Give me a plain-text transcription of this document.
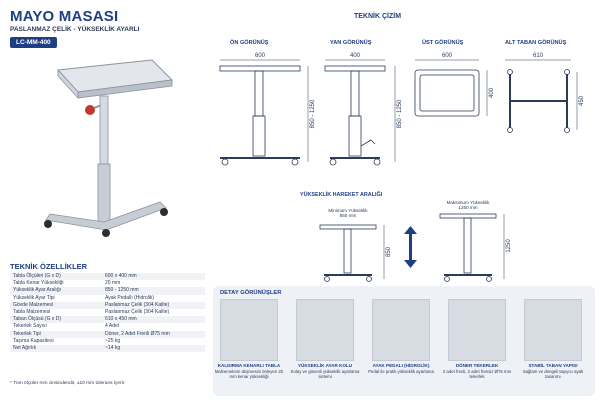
MAYO MASASI
PASLANMAZ ÇELİK - YÜKSEKLİK AYARLI
LC-MM-400
TEKNİK ÖZELLİKLER
Tabla Ölçüleri (G x D)	600 x 400 mm
Tabla Kenar Yüksekliği	20 mm
Yükseklik Ayar Aralığı	850 - 1250 mm
Yükseklik Ayar Tipi	Ayak Pedallı (Hidrolik)
Gövde Malzemesi	Paslanmaz Çelik (304 Kalite)
Tabla Malzemesi	Paslanmaz Çelik (304 Kalite)
Taban Ölçüsü (G x D)	610 x 450 mm
Tekerlek Sayısı	4 Adet
Tekerlek Tipi	Döner, 2 Adet Frenli Ø75 mm
Taşıma Kapasitesi	~25 kg
Net Ağırlık	~14 kg
* Tüm ölçüler mm cinsindendir, ±10 mm tolerans içerir.
TEKNİK ÇİZİM
ÖN GÖRÜNÜŞ	YAN GÖRÜNÜŞ	ÜST GÖRÜNÜŞ	ALT TABAN GÖRÜNÜŞ
600
850 - 1250
400
850 - 1250
600
400
610
450
YÜKSEKLİK HAREKET ARALIĞI
Minimum Yükseklik
850 mm
Maksimum Yükseklik
1250 mm
850	1250
DETAY GÖRÜNÜŞLER
KALDIRMA KENARLI TABLA
Malzemelerin düşmesini önleyen 20 mm kenar yüksekliği
YÜKSEKLİK AYAR KOLU
Kolay ve güvenli yükseklik ayarlama sistemi
AYAK PEDALI (HİDROLİK)
Pedal ile pratik yükseklik ayarlama
DÖNER TEKERLEK
2 adet frenli, 2 adet frensiz Ø75 mm tekerlek
STABİL TABAN YAPISI
Sağlam ve dengeli taşıyıcı ayak tasarımı
